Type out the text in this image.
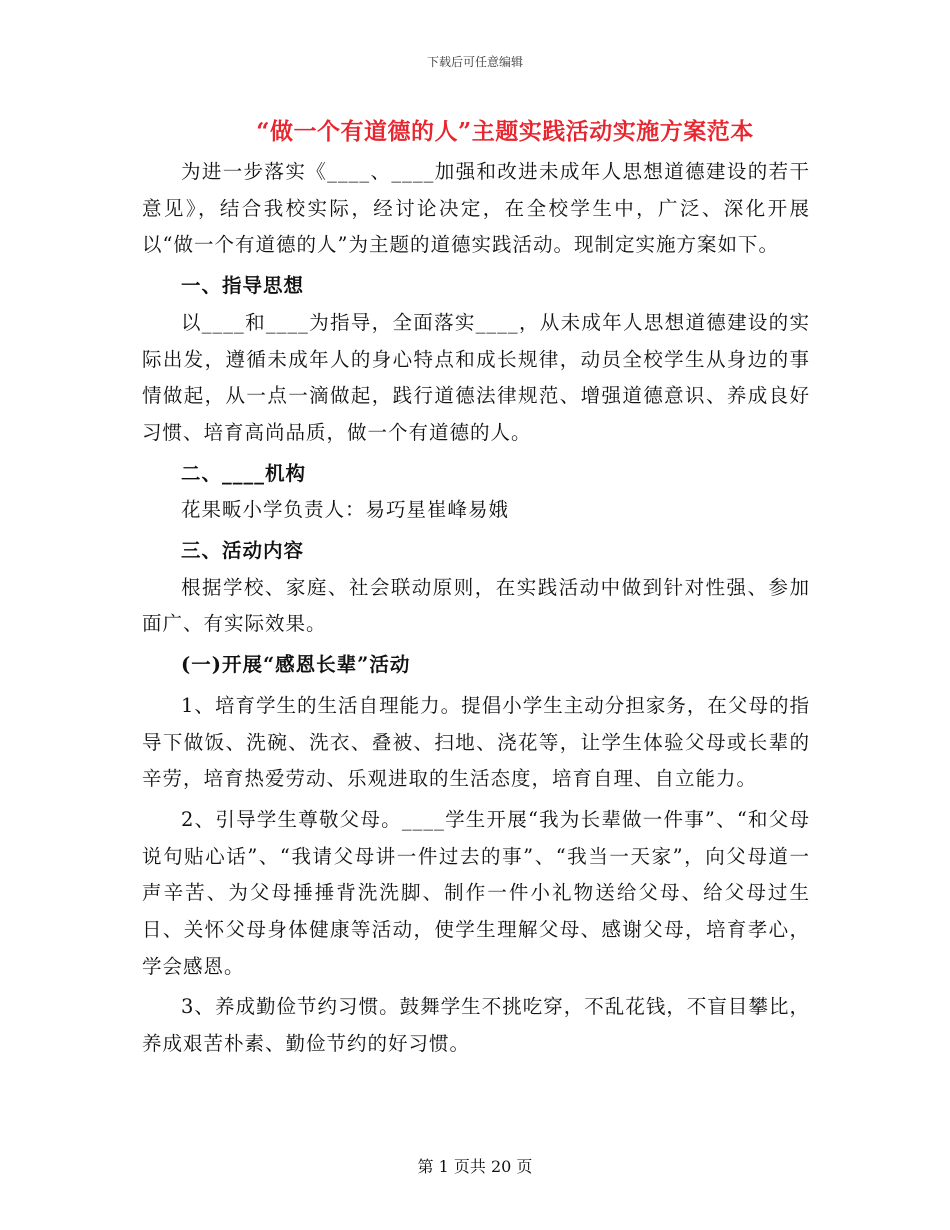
下载后可任意编辑
“做一个有道德的人”主题实践活动实施方案范本

为进一步落实《____、____加强和改进未成年人思想道德建设的若干意见》，结合我校实际，经讨论决定，在全校学生中，广泛、深化开展以“做一个有道德的人”为主题的道德实践活动。现制定实施方案如下。

一、指导思想

以____和____为指导，全面落实____，从未成年人思想道德建设的实际出发，遵循未成年人的身心特点和成长规律，动员全校学生从身边的事情做起，从一点一滴做起，践行道德法律规范、增强道德意识、养成良好习惯、培育高尚品质，做一个有道德的人。

二、____机构

花果畈小学负责人：易巧星崔峰易娥

三、活动内容

根据学校、家庭、社会联动原则，在实践活动中做到针对性强、参加面广、有实际效果。

(一)开展“感恩长辈”活动

1、培育学生的生活自理能力。提倡小学生主动分担家务，在父母的指导下做饭、洗碗、洗衣、叠被、扫地、浇花等，让学生体验父母或长辈的辛劳，培育热爱劳动、乐观进取的生活态度，培育自理、自立能力。

2、引导学生尊敬父母。____学生开展“我为长辈做一件事”、“和父母说句贴心话”、“我请父母讲一件过去的事”、“我当一天家”，向父母道一声辛苦、为父母捶捶背洗洗脚、制作一件小礼物送给父母、给父母过生日、关怀父母身体健康等活动，使学生理解父母、感谢父母，培育孝心，学会感恩。

3、养成勤俭节约习惯。鼓舞学生不挑吃穿，不乱花钱，不盲目攀比，养成艰苦朴素、勤俭节约的好习惯。

第 1 页共 20 页
